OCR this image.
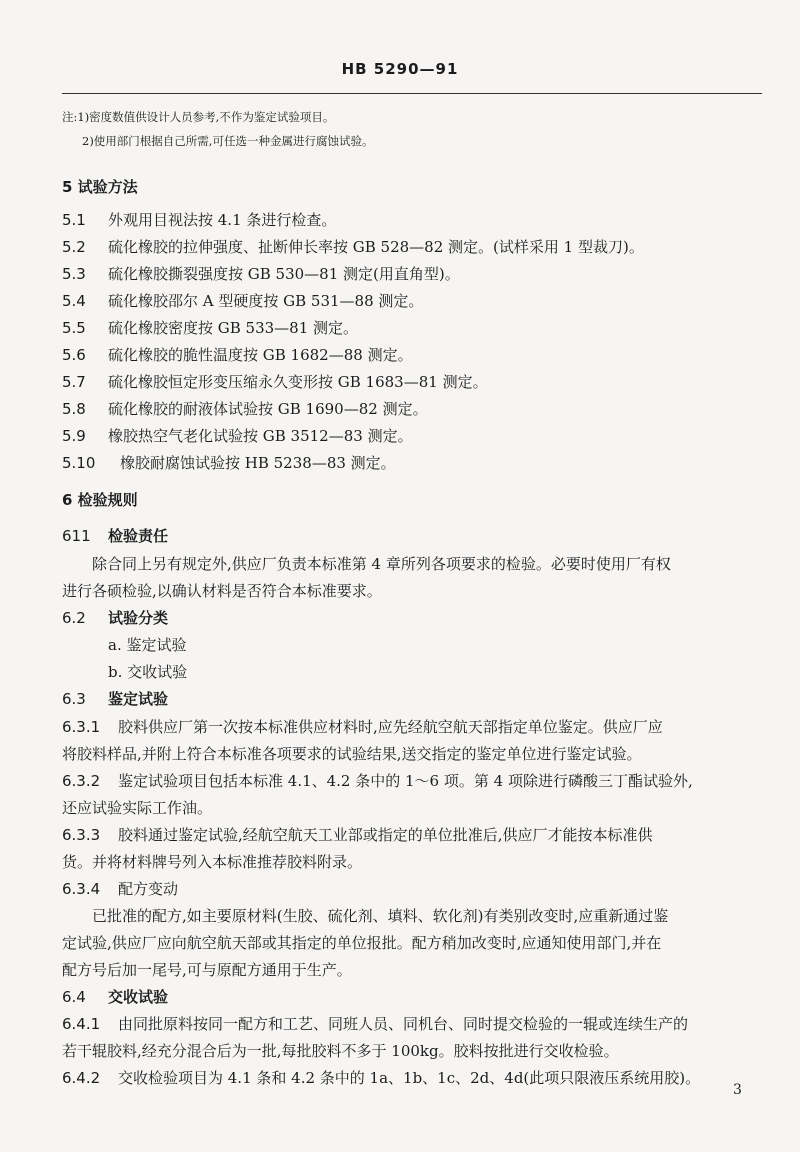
HB 5290—91
注:1)密度数值供设计人员参考,不作为鉴定试验项目。
2)使用部门根据自己所需,可任选一种金属进行腐蚀试验。
5 试验方法
5.1 外观用目视法按 4.1 条进行检查。
5.2 硫化橡胶的拉伸强度、扯断伸长率按 GB 528—82 测定。(试样采用 1 型裁刀)。
5.3 硫化橡胶撕裂强度按 GB 530—81 测定(用直角型)。
5.4 硫化橡胶邵尔 A 型硬度按 GB 531—88 测定。
5.5 硫化橡胶密度按 GB 533—81 测定。
5.6 硫化橡胶的脆性温度按 GB 1682—88 测定。
5.7 硫化橡胶恒定形变压缩永久变形按 GB 1683—81 测定。
5.8 硫化橡胶的耐液体试验按 GB 1690—82 测定。
5.9 橡胶热空气老化试验按 GB 3512—83 测定。
5.10 橡胶耐腐蚀试验按 HB 5238—83 测定。
6 检验规则
611 检验责任
除合同上另有规定外,供应厂负责本标准第 4 章所列各项要求的检验。必要时使用厂有权
进行各硕检验,以确认材料是否符合本标准要求。
6.2 试验分类
a. 鉴定试验
b. 交收试验
6.3 鉴定试验
6.3.1 胶料供应厂第一次按本标准供应材料时,应先经航空航天部指定单位鉴定。供应厂应
将胶料样品,并附上符合本标准各项要求的试验结果,送交指定的鉴定单位进行鉴定试验。
6.3.2 鉴定试验项目包括本标准 4.1、4.2 条中的 1～6 项。第 4 项除进行磷酸三丁酯试验外,
还应试验实际工作油。
6.3.3 胶料通过鉴定试验,经航空航天工业部或指定的单位批准后,供应厂才能按本标准供
货。并将材料牌号列入本标准推荐胶料附录。
6.3.4 配方变动
已批准的配方,如主要原材料(生胶、硫化剂、填料、软化剂)有类别改变时,应重新通过鉴
定试验,供应厂应向航空航天部或其指定的单位报批。配方稍加改变时,应通知使用部门,并在
配方号后加一尾号,可与原配方通用于生产。
6.4 交收试验
6.4.1 由同批原料按同一配方和工艺、同班人员、同机台、同时提交检验的一辊或连续生产的
若干辊胶料,经充分混合后为一批,每批胶料不多于 100kg。胶料按批进行交收检验。
6.4.2 交收检验项目为 4.1 条和 4.2 条中的 1a、1b、1c、2d、4d(此项只限液压系统用胶)。
3
